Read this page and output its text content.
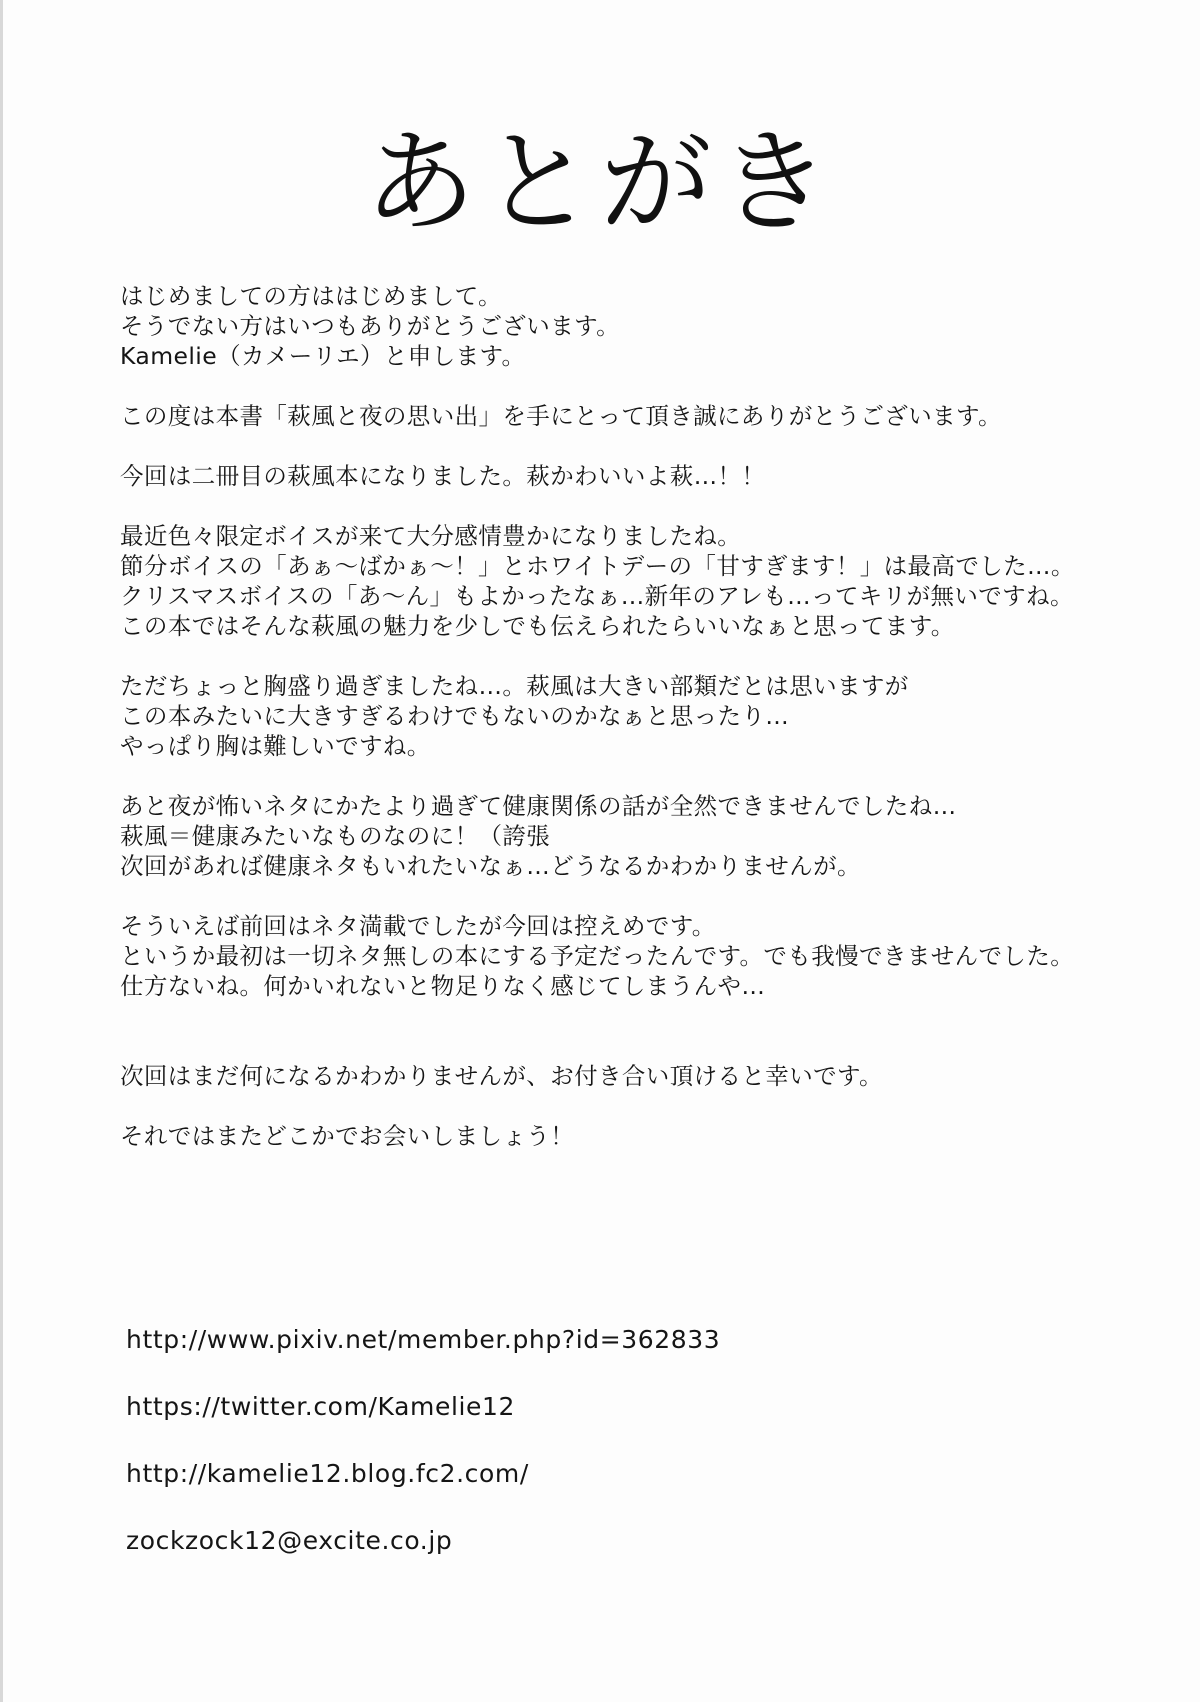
あとがき
はじめましての方ははじめまして。
そうでない方はいつもありがとうございます。
Kamelie（カメーリエ）と申します。
この度は本書「萩風と夜の思い出」を手にとって頂き誠にありがとうございます。
今回は二冊目の萩風本になりました。萩かわいいよ萩…！！
最近色々限定ボイスが来て大分感情豊かになりましたね。
節分ボイスの「あぁ〜ばかぁ〜！」とホワイトデーの「甘すぎます！」は最高でした…。
クリスマスボイスの「あ〜ん」もよかったなぁ…新年のアレも…ってキリが無いですね。
この本ではそんな萩風の魅力を少しでも伝えられたらいいなぁと思ってます。
ただちょっと胸盛り過ぎましたね…。萩風は大きい部類だとは思いますが
この本みたいに大きすぎるわけでもないのかなぁと思ったり…
やっぱり胸は難しいですね。
あと夜が怖いネタにかたより過ぎて健康関係の話が全然できませんでしたね…
萩風＝健康みたいなものなのに！（誇張
次回があれば健康ネタもいれたいなぁ…どうなるかわかりませんが。
そういえば前回はネタ満載でしたが今回は控えめです。
というか最初は一切ネタ無しの本にする予定だったんです。でも我慢できませんでした。
仕方ないね。何かいれないと物足りなく感じてしまうんや…
次回はまだ何になるかわかりませんが、お付き合い頂けると幸いです。
それではまたどこかでお会いしましょう！
http://www.pixiv.net/member.php?id=362833
https://twitter.com/Kamelie12
http://kamelie12.blog.fc2.com/
zockzock12@excite.co.jp
